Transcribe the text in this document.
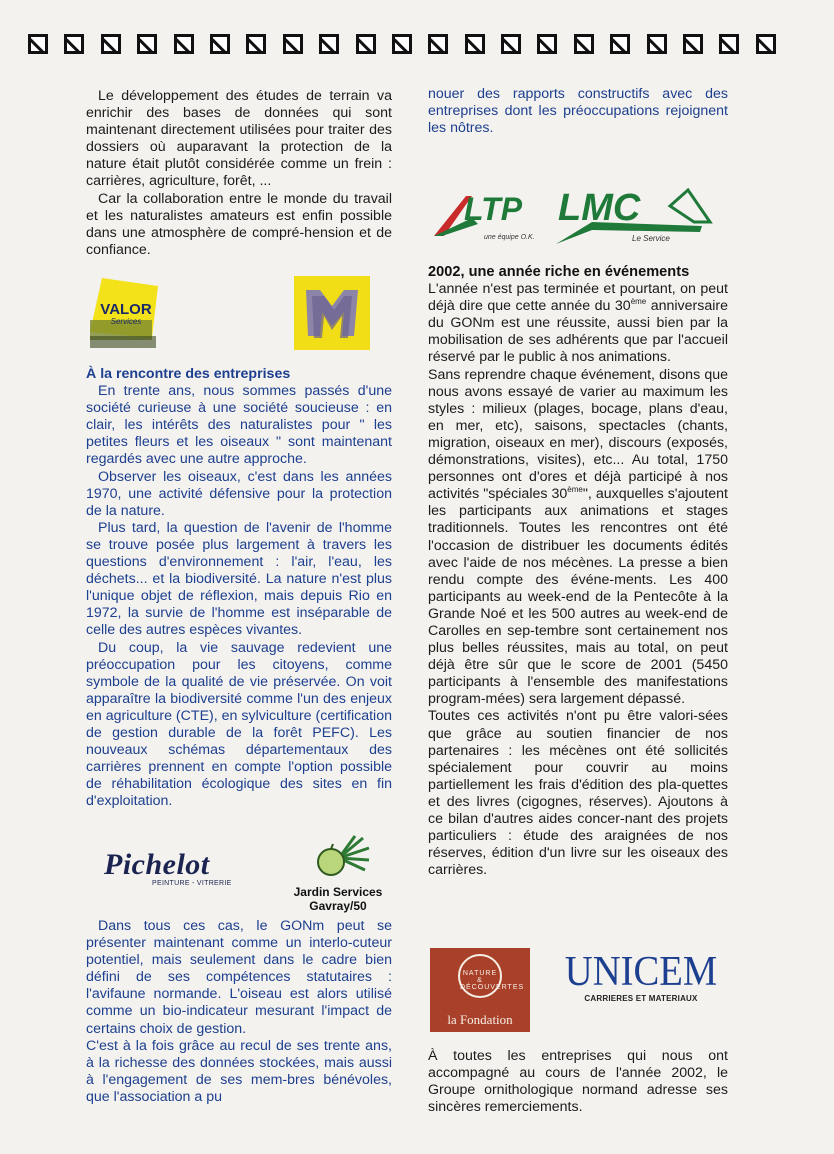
Le développement des études de terrain va enrichir des bases de données qui sont maintenant directement utilisées pour traiter des dossiers où auparavant la protection de la nature était plutôt considérée comme un frein : carrières, agriculture, forêt, ...

Car la collaboration entre le monde du travail et les naturalistes amateurs est enfin possible dans une atmosphère de compré-hension et de confiance.

VALOR
Services

À la rencontre des entreprises

En trente ans, nous sommes passés d'une société curieuse à une société soucieuse : en clair, les intérêts des naturalistes pour " les petites fleurs et les oiseaux " sont maintenant regardés avec une autre approche.

Observer les oiseaux, c'est dans les années 1970, une activité défensive pour la protection de la nature.

Plus tard, la question de l'avenir de l'homme se trouve posée plus largement à travers les questions d'environnement : l'air, l'eau, les déchets... et la biodiversité. La nature n'est plus l'unique objet de réflexion, mais depuis Rio en 1972, la survie de l'homme est inséparable de celle des autres espèces vivantes.

Du coup, la vie sauvage redevient une préoccupation pour les citoyens, comme symbole de la qualité de vie préservée. On voit apparaître la biodiversité comme l'un des enjeux en agriculture (CTE), en sylviculture (certification de gestion durable de la forêt PEFC). Les nouveaux schémas départementaux des carrières prennent en compte l'option possible de réhabilitation écologique des sites en fin d'exploitation.

Pichelot
PEINTURE - VITRERIE
Jardin Services
Gavray/50

Dans tous ces cas, le GONm peut se présenter maintenant comme un interlo-cuteur potentiel, mais seulement dans le cadre bien défini de ses compétences statutaires : l'avifaune normande. L'oiseau est alors utilisé comme un bio-indicateur mesurant l'impact de certains choix de gestion.

C'est à la fois grâce au recul de ses trente ans, à la richesse des données stockées, mais aussi à l'engagement de ses mem-bres bénévoles, que l'association a pu

nouer des rapports constructifs avec des entreprises dont les préoccupations rejoignent les nôtres.

LTP
une équipe O.K.
LMC
Le Service

2002, une année riche en événements

L'année n'est pas terminée et pourtant, on peut déjà dire que cette année du 30ème anniversaire du GONm est une réussite, aussi bien par la mobilisation de ses adhérents que par l'accueil réservé par le public à nos animations.

Sans reprendre chaque événement, disons que nous avons essayé de varier au maximum les styles : milieux (plages, bocage, plans d'eau, en mer, etc), saisons, spectacles (chants, migration, oiseaux en mer), discours (exposés, démonstrations, visites), etc... Au total, 1750 personnes ont d'ores et déjà participé à nos activités "spéciales 30ème", auxquelles s'ajoutent les participants aux animations et stages traditionnels. Toutes les rencontres ont été l'occasion de distribuer les documents édités avec l'aide de nos mécènes. La presse a bien rendu compte des événe-ments. Les 400 participants au week-end de la Pentecôte à la Grande Noé et les 500 autres au week-end de Carolles en sep-tembre sont certainement nos plus belles réussites, mais au total, on peut déjà être sûr que le score de 2001 (5450 participants à l'ensemble des manifestations program-mées) sera largement dépassé.

Toutes ces activités n'ont pu être valori-sées que grâce au soutien financier de nos partenaires : les mécènes ont été sollicités spécialement pour couvrir au moins partiellement les frais d'édition des pla-quettes et des livres (cigognes, réserves). Ajoutons à ce bilan d'autres aides concer-nant des projets particuliers : étude des araignées de nos réserves, édition d'un livre sur les oiseaux des carrières.

NATURE & DÉCOUVERTES
la Fondation
UNICEM
CARRIERES ET MATERIAUX

À toutes les entreprises qui nous ont accompagné au cours de l'année 2002, le Groupe ornithologique normand adresse ses sincères remerciements.
